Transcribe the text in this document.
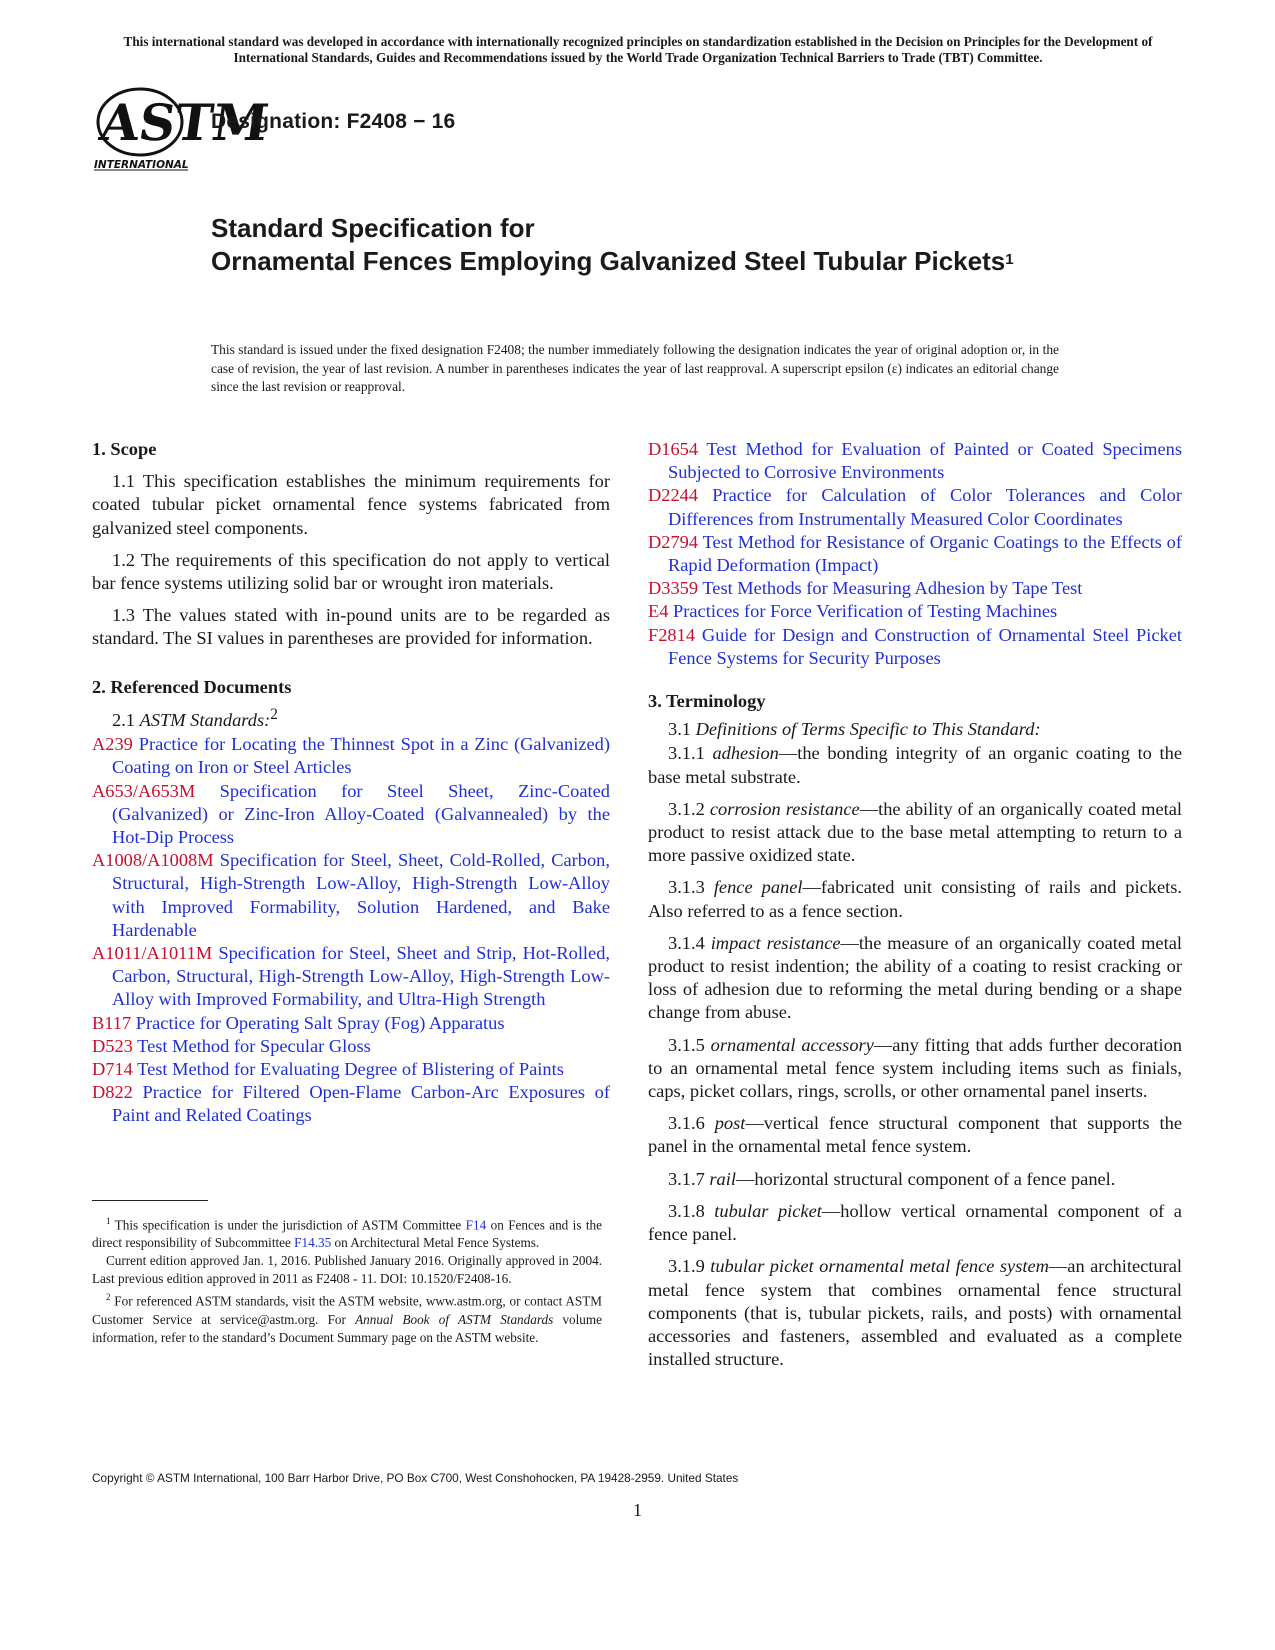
This international standard was developed in accordance with internationally recognized principles on standardization established in the Decision on Principles for the Development of International Standards, Guides and Recommendations issued by the World Trade Organization Technical Barriers to Trade (TBT) Committee.
ASTM
INTERNATIONAL
Designation: F2408 − 16
Standard Specification for
Ornamental Fences Employing Galvanized Steel Tubular Pickets$^1$
This standard is issued under the fixed designation F2408; the number immediately following the designation indicates the year of original adoption or, in the case of revision, the year of last revision. A number in parentheses indicates the year of last reapproval. A superscript epsilon (ε) indicates an editorial change since the last revision or reapproval.

1. Scope

1.1 This specification establishes the minimum requirements for coated tubular picket ornamental fence systems fabricated from galvanized steel components.

1.2 The requirements of this specification do not apply to vertical bar fence systems utilizing solid bar or wrought iron materials.

1.3 The values stated with in-pound units are to be regarded as standard. The SI values in parentheses are provided for information.

2. Referenced Documents

2.1 ASTM Standards:$^2$

A239 Practice for Locating the Thinnest Spot in a Zinc (Galvanized) Coating on Iron or Steel Articles

A653/A653M Specification for Steel Sheet, Zinc-Coated (Galvanized) or Zinc-Iron Alloy-Coated (Galvannealed) by the Hot-Dip Process

A1008/A1008M Specification for Steel, Sheet, Cold-Rolled, Carbon, Structural, High-Strength Low-Alloy, High-Strength Low-Alloy with Improved Formability, Solution Hardened, and Bake Hardenable

A1011/A1011M Specification for Steel, Sheet and Strip, Hot-Rolled, Carbon, Structural, High-Strength Low-Alloy, High-Strength Low-Alloy with Improved Formability, and Ultra-High Strength

B117 Practice for Operating Salt Spray (Fog) Apparatus

D523 Test Method for Specular Gloss

D714 Test Method for Evaluating Degree of Blistering of Paints

D822 Practice for Filtered Open-Flame Carbon-Arc Exposures of Paint and Related Coatings

D1654 Test Method for Evaluation of Painted or Coated Specimens Subjected to Corrosive Environments

D2244 Practice for Calculation of Color Tolerances and Color Differences from Instrumentally Measured Color Coordinates

D2794 Test Method for Resistance of Organic Coatings to the Effects of Rapid Deformation (Impact)

D3359 Test Methods for Measuring Adhesion by Tape Test

E4 Practices for Force Verification of Testing Machines

F2814 Guide for Design and Construction of Ornamental Steel Picket Fence Systems for Security Purposes

3. Terminology

3.1 Definitions of Terms Specific to This Standard:

3.1.1 adhesion—the bonding integrity of an organic coating to the base metal substrate.

3.1.2 corrosion resistance—the ability of an organically coated metal product to resist attack due to the base metal attempting to return to a more passive oxidized state.

3.1.3 fence panel—fabricated unit consisting of rails and pickets. Also referred to as a fence section.

3.1.4 impact resistance—the measure of an organically coated metal product to resist indention; the ability of a coating to resist cracking or loss of adhesion due to reforming the metal during bending or a shape change from abuse.

3.1.5 ornamental accessory—any fitting that adds further decoration to an ornamental metal fence system including items such as finials, caps, picket collars, rings, scrolls, or other ornamental panel inserts.

3.1.6 post—vertical fence structural component that supports the panel in the ornamental metal fence system.

3.1.7 rail—horizontal structural component of a fence panel.

3.1.8 tubular picket—hollow vertical ornamental component of a fence panel.

3.1.9 tubular picket ornamental metal fence system—an architectural metal fence system that combines ornamental fence structural components (that is, tubular pickets, rails, and posts) with ornamental accessories and fasteners, assembled and evaluated as a complete installed structure.

$^1$ This specification is under the jurisdiction of ASTM Committee F14 on Fences and is the direct responsibility of Subcommittee F14.35 on Architectural Metal Fence Systems.

Current edition approved Jan. 1, 2016. Published January 2016. Originally approved in 2004. Last previous edition approved in 2011 as F2408 - 11. DOI: 10.1520/F2408-16.

$^2$ For referenced ASTM standards, visit the ASTM website, www.astm.org, or contact ASTM Customer Service at service@astm.org. For Annual Book of ASTM Standards volume information, refer to the standard’s Document Summary page on the ASTM website.

Copyright © ASTM International, 100 Barr Harbor Drive, PO Box C700, West Conshohocken, PA 19428-2959. United States
1
